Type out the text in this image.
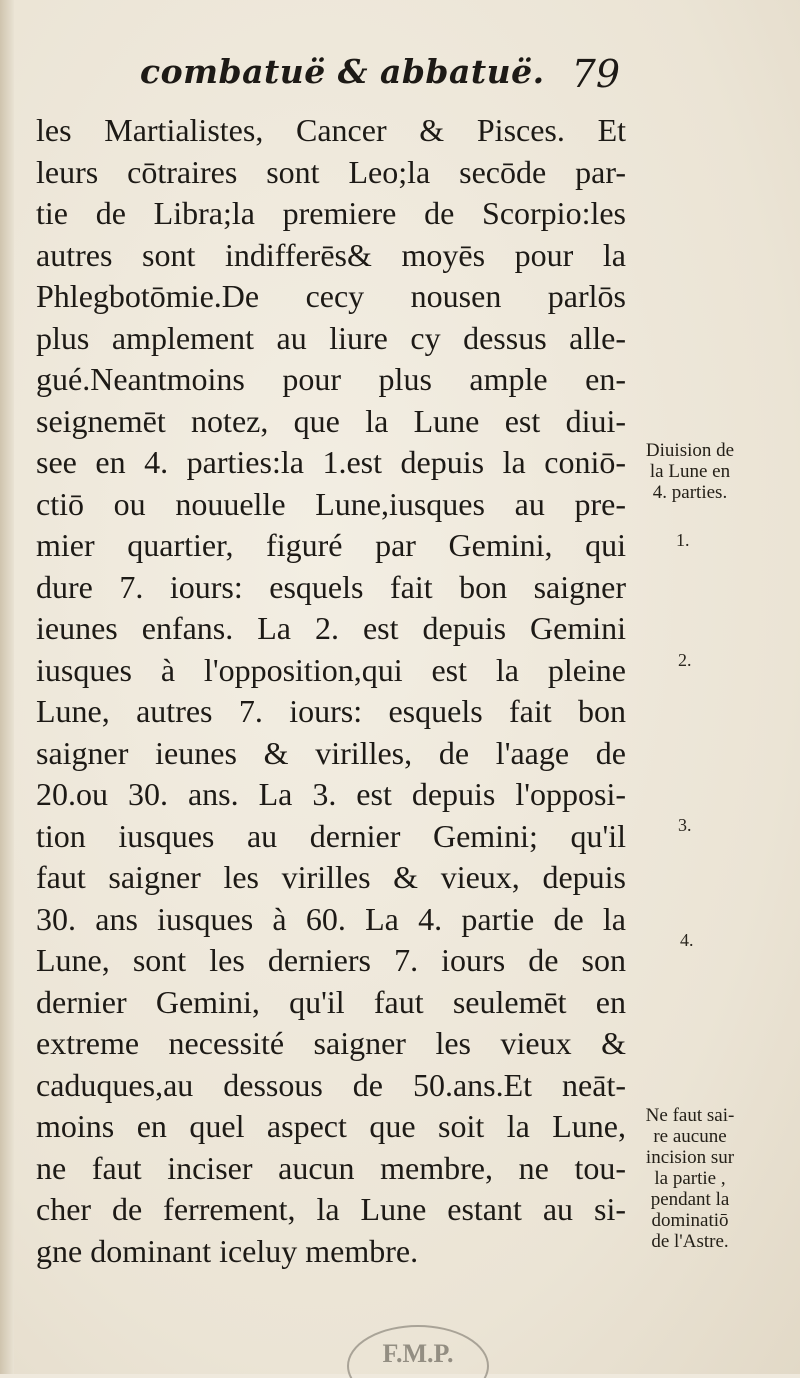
combatuë & abbatuë. 79
les Martialistes, Cancer & Pisces. Et
leurs cōtraires sont Leo;la secōde par-
tie de Libra;la premiere de Scorpio:les
autres sont indifferēs& moyēs pour la
Phlegbotōmie.De cecy nousen parlōs
plus amplement au liure cy dessus alle-
gué.Neantmoins pour plus ample en-
seignemēt notez, que la Lune est diui-
see en 4. parties:la 1.est depuis la coniō-
ctiō ou nouuelle Lune,iusques au pre-
mier quartier, figuré par Gemini, qui
dure 7. iours: esquels fait bon saigner
ieunes enfans. La 2. est depuis Gemini
iusques à l'opposition,qui est la pleine
Lune, autres 7. iours: esquels fait bon
saigner ieunes & virilles, de l'aage de
20.ou 30. ans. La 3. est depuis l'opposi-
tion iusques au dernier Gemini; qu'il
faut saigner les virilles & vieux, depuis
30. ans iusques à 60. La 4. partie de la
Lune, sont les derniers 7. iours de son
dernier Gemini, qu'il faut seulemēt en
extreme necessité saigner les vieux &
caduques,au dessous de 50.ans.Et neāt-
moins en quel aspect que soit la Lune,
ne faut inciser aucun membre, ne tou-
cher de ferrement, la Lune estant au si-
gne dominant iceluy membre.
Diuision de
la Lune en
4. parties.
1.
2.
3.
4.
Ne faut sai-
re aucune
incision sur
la partie ,
pendant la
dominatiō
de l'Astre.
F.M.P.
